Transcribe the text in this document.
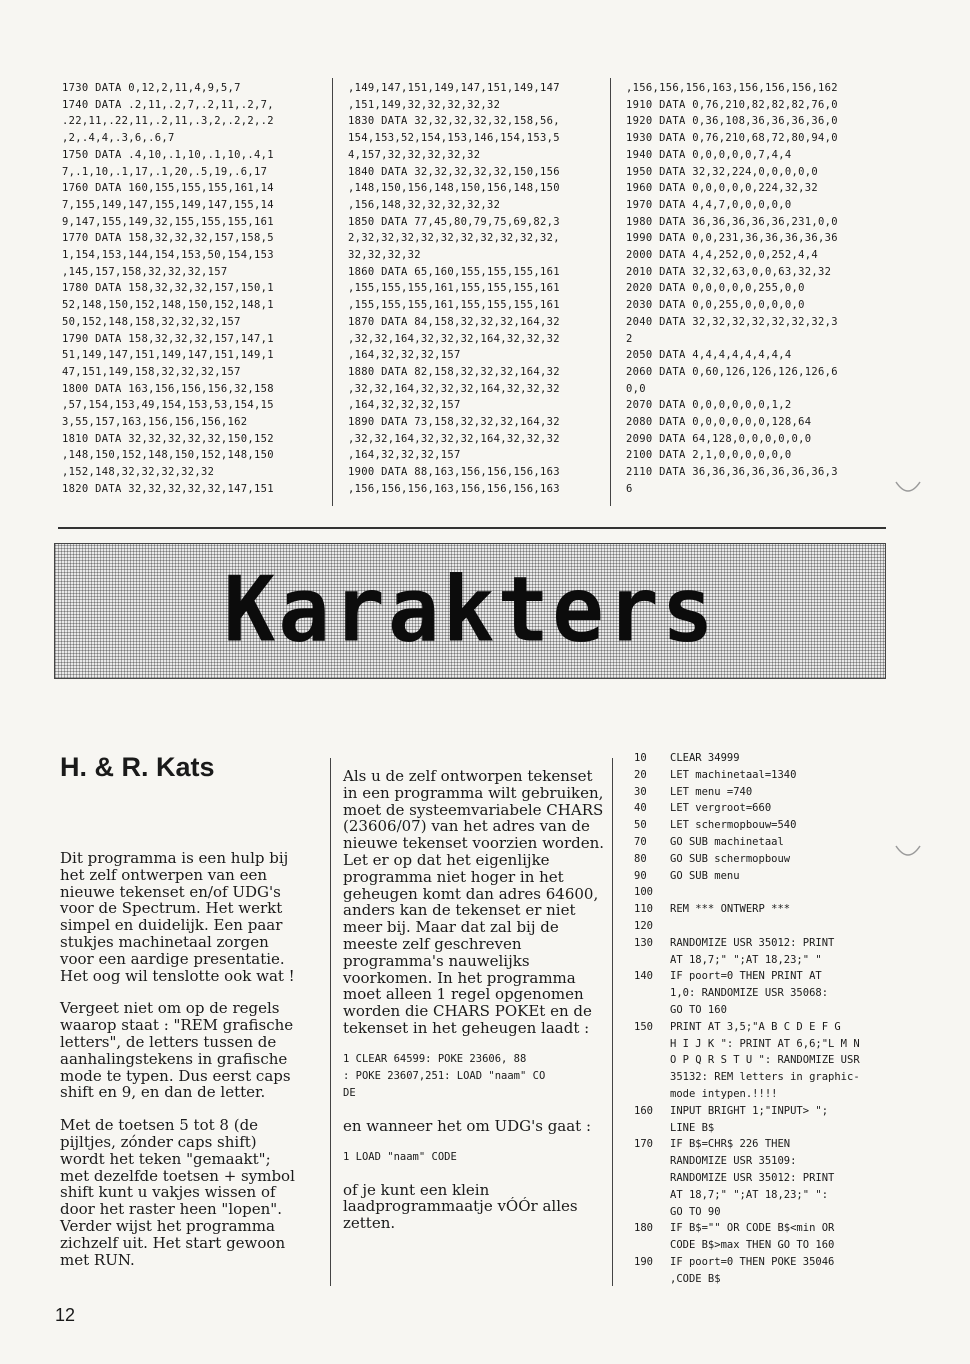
1730 DATA 0,12,2,11,4,9,5,7
1740 DATA .2,11,.2,7,.2,11,.2,7,
.22,11,.22,11,.2,11,.3,2,.2,2,.2
,2,.4,4,.3,6,.6,7
1750 DATA .4,10,.1,10,.1,10,.4,1
7,.1,10,.1,17,.1,20,.5,19,.6,17
1760 DATA 160,155,155,155,161,14
7,155,149,147,155,149,147,155,14
9,147,155,149,32,155,155,155,161
1770 DATA 158,32,32,32,157,158,5
1,154,153,144,154,153,50,154,153
,145,157,158,32,32,32,157
1780 DATA 158,32,32,32,157,150,1
52,148,150,152,148,150,152,148,1
50,152,148,158,32,32,32,157
1790 DATA 158,32,32,32,157,147,1
51,149,147,151,149,147,151,149,1
47,151,149,158,32,32,32,157
1800 DATA 163,156,156,156,32,158
,57,154,153,49,154,153,53,154,15
3,55,157,163,156,156,156,162
1810 DATA 32,32,32,32,32,150,152
,148,150,152,148,150,152,148,150
,152,148,32,32,32,32,32
1820 DATA 32,32,32,32,32,147,151
,149,147,151,149,147,151,149,147
,151,149,32,32,32,32,32
1830 DATA 32,32,32,32,32,158,56,
154,153,52,154,153,146,154,153,5
4,157,32,32,32,32,32
1840 DATA 32,32,32,32,32,150,156
,148,150,156,148,150,156,148,150
,156,148,32,32,32,32,32
1850 DATA 77,45,80,79,75,69,82,3
2,32,32,32,32,32,32,32,32,32,32,
32,32,32,32
1860 DATA 65,160,155,155,155,161
,155,155,155,161,155,155,155,161
,155,155,155,161,155,155,155,161
1870 DATA 84,158,32,32,32,164,32
,32,32,164,32,32,32,164,32,32,32
,164,32,32,32,157
1880 DATA 82,158,32,32,32,164,32
,32,32,164,32,32,32,164,32,32,32
,164,32,32,32,157
1890 DATA 73,158,32,32,32,164,32
,32,32,164,32,32,32,164,32,32,32
,164,32,32,32,157
1900 DATA 88,163,156,156,156,163
,156,156,156,163,156,156,156,163
,156,156,156,163,156,156,156,162
1910 DATA 0,76,210,82,82,82,76,0
1920 DATA 0,36,108,36,36,36,36,0
1930 DATA 0,76,210,68,72,80,94,0
1940 DATA 0,0,0,0,0,7,4,4
1950 DATA 32,32,224,0,0,0,0,0
1960 DATA 0,0,0,0,0,224,32,32
1970 DATA 4,4,7,0,0,0,0,0
1980 DATA 36,36,36,36,36,231,0,0
1990 DATA 0,0,231,36,36,36,36,36
2000 DATA 4,4,252,0,0,252,4,4
2010 DATA 32,32,63,0,0,63,32,32
2020 DATA 0,0,0,0,0,255,0,0
2030 DATA 0,0,255,0,0,0,0,0
2040 DATA 32,32,32,32,32,32,32,3
2
2050 DATA 4,4,4,4,4,4,4,4
2060 DATA 0,60,126,126,126,126,6
0,0
2070 DATA 0,0,0,0,0,0,1,2
2080 DATA 0,0,0,0,0,0,128,64
2090 DATA 64,128,0,0,0,0,0,0
2100 DATA 2,1,0,0,0,0,0,0
2110 DATA 36,36,36,36,36,36,36,3
6
Karakters
H. & R. Kats

Dit programma is een hulp bij het zelf ontwerpen van een nieuwe tekenset en/of UDG's voor de Spectrum. Het werkt simpel en duidelijk. Een paar stukjes machinetaal zorgen voor een aardige presentatie. Het oog wil tenslotte ook wat !

Vergeet niet om op de regels waarop staat : "REM grafische letters", de letters tussen de aanhalingstekens in grafische mode te typen. Dus eerst caps shift en 9, en dan de letter.

Met de toetsen 5 tot 8 (de pijltjes, zónder caps shift) wordt het teken "gemaakt"; met dezelfde toetsen + symbol shift kunt u vakjes wissen of door het raster heen "lopen". Verder wijst het programma zichzelf uit. Het start gewoon met RUN.

Als u de zelf ontworpen tekenset in een programma wilt gebruiken, moet de systeemvariabele CHARS (23606/07) van het adres van de nieuwe tekenset voorzien worden. Let er op dat het eigenlijke programma niet hoger in het geheugen komt dan adres 64600, anders kan de tekenset er niet meer bij. Maar dat zal bij de meeste zelf geschreven programma's nauwelijks voorkomen. In het programma moet alleen 1 regel opgenomen worden die CHARS POKEt en de tekenset in het geheugen laadt :

1 CLEAR 64599: POKE 23606, 88
: POKE 23607,251: LOAD "naam" CO
DE

en wanneer het om UDG's gaat :

1 LOAD "naam" CODE

of je kunt een klein laadprogrammaatje vÓÓr alles zetten.

10	CLEAR 34999
20	LET machinetaal=1340
30	LET menu =740
40	LET vergroot=660
50	LET schermopbouw=540
70	GO SUB machinetaal
80	GO SUB schermopbouw
90	GO SUB menu
100
110	REM *** ONTWERP ***
120
130	RANDOMIZE USR 35012: PRINT
AT 18,7;" ";AT 18,23;" "
140	IF poort=0 THEN PRINT AT
1,0: RANDOMIZE USR 35068:
GO TO 160
150	PRINT AT 3,5;"A B C D E F G
H I J K ": PRINT AT 6,6;"L M N
O P Q R S T U ": RANDOMIZE USR
35132: REM letters in graphic-
mode intypen.!!!!
160	INPUT BRIGHT 1;"INPUT> ";
LINE B$
170	IF B$=CHR$ 226 THEN
RANDOMIZE USR 35109:
RANDOMIZE USR 35012: PRINT
AT 18,7;" ";AT 18,23;" ":
GO TO 90
180	IF B$="" OR CODE B$<min OR
CODE B$>max THEN GO TO 160
190	IF poort=0 THEN POKE 35046
,CODE B$
12
